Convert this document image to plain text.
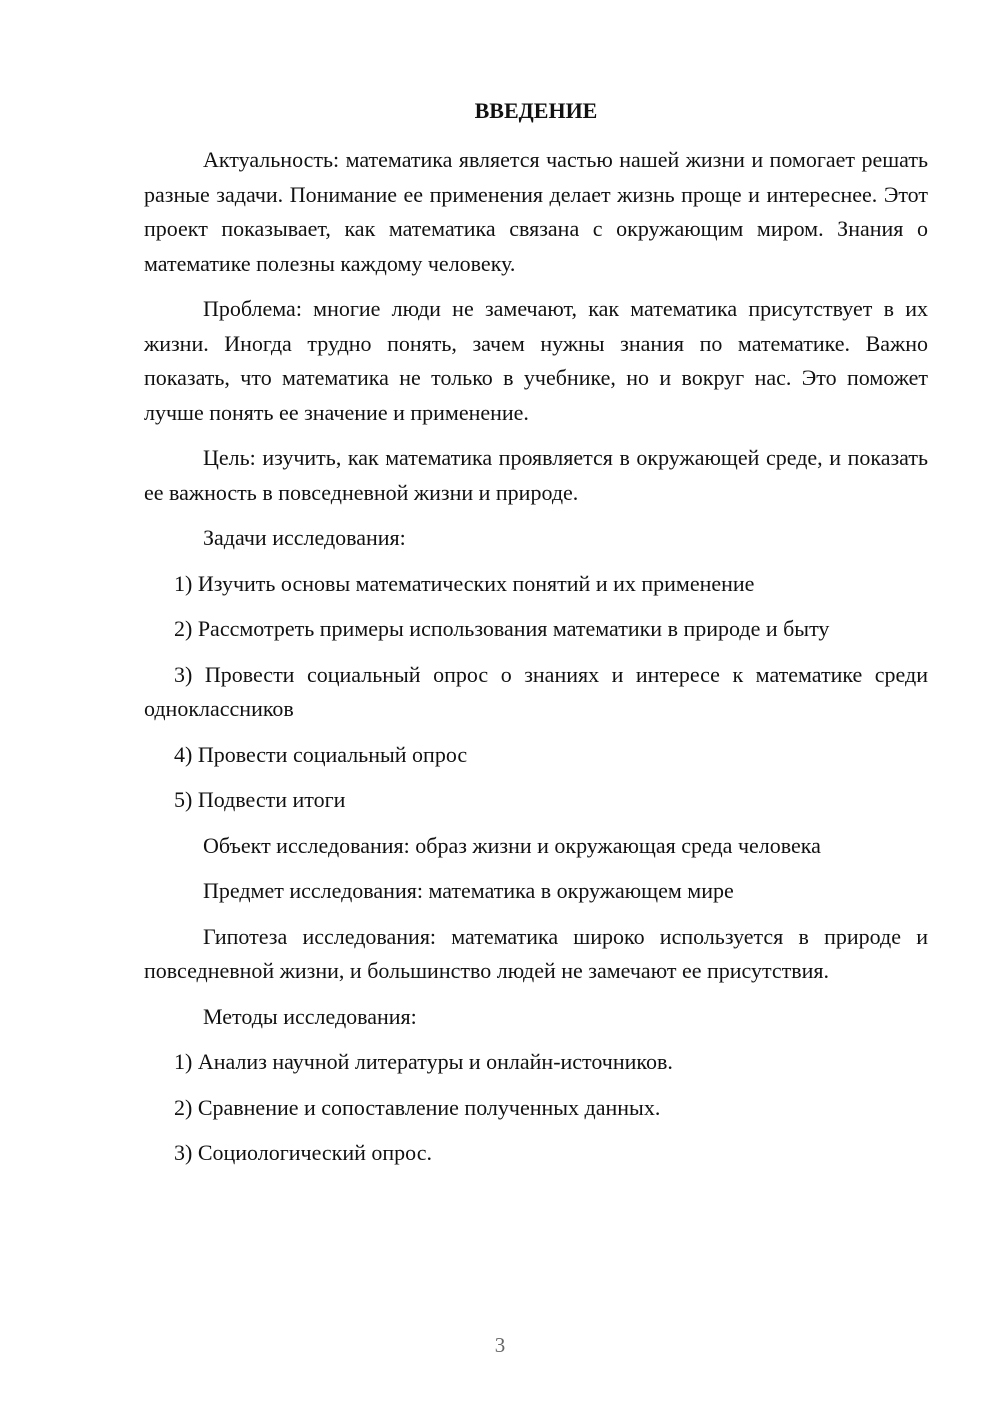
ВВЕДЕНИЕ

Актуальность: математика является частью нашей жизни и помогает решать разные задачи. Понимание ее применения делает жизнь проще и интереснее. Этот проект показывает, как математика связана с окружающим миром. Знания о математике полезны каждому человеку.

Проблема: многие люди не замечают, как математика присутствует в их жизни. Иногда трудно понять, зачем нужны знания по математике. Важно показать, что математика не только в учебнике, но и вокруг нас. Это поможет лучше понять ее значение и применение.

Цель: изучить, как математика проявляется в окружающей среде, и показать ее важность в повседневной жизни и природе.

Задачи исследования:

1) Изучить основы математических понятий и их применение

2) Рассмотреть примеры использования математики в природе и быту

3) Провести социальный опрос о знаниях и интересе к математике среди одноклассников

4) Провести социальный опрос

5) Подвести итоги

Объект исследования: образ жизни и окружающая среда человека

Предмет исследования: математика в окружающем мире

Гипотеза исследования: математика широко используется в природе и повседневной жизни, и большинство людей не замечают ее присутствия.

Методы исследования:

1) Анализ научной литературы и онлайн-источников.

2) Сравнение и сопоставление полученных данных.

3) Социологический опрос.

3
